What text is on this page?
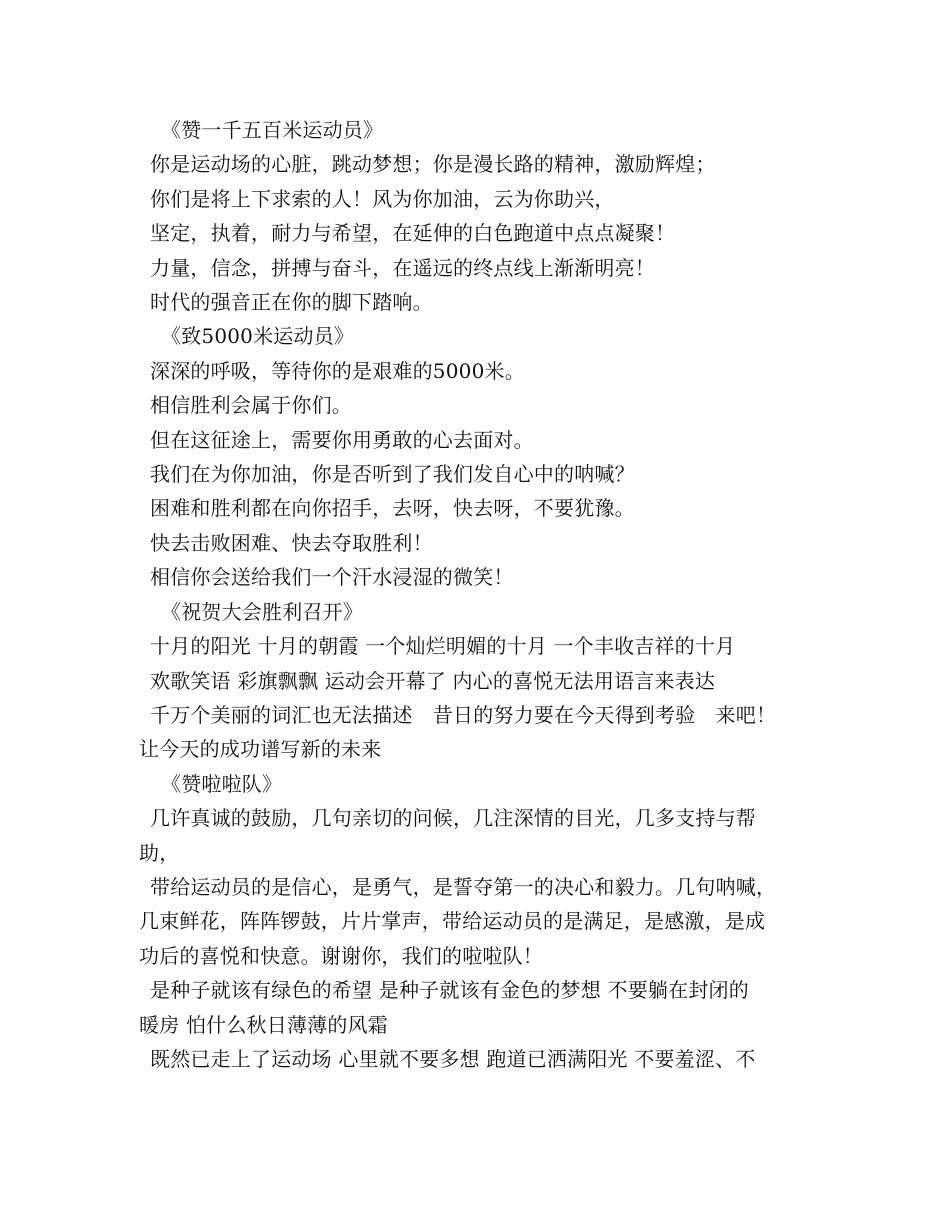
《赞一千五百米运动员》
你是运动场的心脏，跳动梦想；你是漫长路的精神，激励辉煌；
你们是将上下求索的人！风为你加油，云为你助兴，
坚定，执着，耐力与希望，在延伸的白色跑道中点点凝聚！
力量，信念，拼搏与奋斗，在遥远的终点线上渐渐明亮！
时代的强音正在你的脚下踏响。
《致5000米运动员》
深深的呼吸，等待你的是艰难的5000米。
相信胜利会属于你们。
但在这征途上，需要你用勇敢的心去面对。
我们在为你加油，你是否听到了我们发自心中的呐喊？
困难和胜利都在向你招手，去呀，快去呀，不要犹豫。
快去击败困难、快去夺取胜利！
相信你会送给我们一个汗水浸湿的微笑！
《祝贺大会胜利召开》
十月的阳光 十月的朝霞 一个灿烂明媚的十月 一个丰收吉祥的十月
欢歌笑语 彩旗飘飘 运动会开幕了 内心的喜悦无法用语言来表达
千万个美丽的词汇也无法描述　昔日的努力要在今天得到考验　来吧！
让今天的成功谱写新的未来
《赞啦啦队》
几许真诚的鼓励，几句亲切的问候，几注深情的目光，几多支持与帮
助，
带给运动员的是信心，是勇气，是誓夺第一的决心和毅力。几句呐喊，
几束鲜花，阵阵锣鼓，片片掌声，带给运动员的是满足，是感激，是成
功后的喜悦和快意。谢谢你，我们的啦啦队！
是种子就该有绿色的希望 是种子就该有金色的梦想 不要躺在封闭的
暖房 怕什么秋日薄薄的风霜
既然已走上了运动场 心里就不要多想 跑道已洒满阳光 不要羞涩、不
